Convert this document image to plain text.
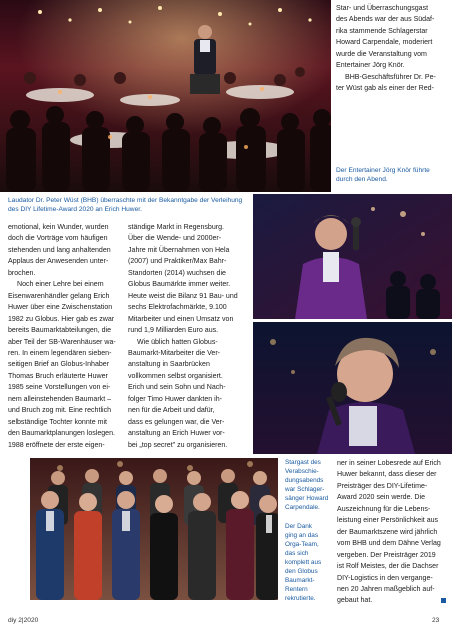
Star- und Überraschungsgast

des Abends war der aus Südaf-

rika stammende Schlagerstar

Howard Carpendale, moderiert

wurde die Veranstaltung vom

Entertainer Jörg Knör.

BHB-Geschäftsführer Dr. Pe-

ter Wüst gab als einer der Red-

Der Entertainer Jörg Knör führte durch den Abend.
Laudator Dr. Peter Wüst (BHB) überraschte mit der Bekanntgabe der Verleihung des DIY Lifetime-Award 2020 an Erich Huwer.

emotional, kein Wunder, wurden

doch die Vorträge vom häufigen

stehenden und lang anhaltenden

Applaus der Anwesenden unter-

brochen.

Noch einer Lehre bei einem

Eisenwarenhändler gelang Erich

Huwer über eine Zwischenstation

1982 zu Globus. Hier gab es zwar

bereits Baumarktabteilungen, die

aber Teil der SB-Warenhäuser wa-

ren. In einem legendären sieben-

seitigen Brief an Globus-Inhaber

Thomas Bruch erläuterte Huwer

1985 seine Vorstellungen von ei-

nem alleinstehenden Baumarkt –

und Bruch zog mit. Eine rechtlich

selbständige Tochter konnte mit

den Baumarktplanungen loslegen.

1988 eröffnete der erste eigen-

ständige Markt in Regensburg.

Über die Wende- und 2000er-

Jahre mit Übernahmen von Hela

(2007) und Praktiker/Max Bahr-

Standorten (2014) wuchsen die

Globus Baumärkte immer weiter.

Heute weist die Bilanz 91 Bau- und

sechs Elektrofachmärkte, 9.100

Mitarbeiter und einen Umsatz von

rund 1,9 Milliarden Euro aus.

Wie üblich hatten Globus-

Baumarkt-Mitarbeiter die Ver-

anstaltung in Saarbrücken

vollkommen selbst organisiert.

Erich und sein Sohn und Nach-

folger Timo Huwer dankten ih-

nen für die Arbeit und dafür,

dass es gelungen war, die Ver-

anstaltung an Erich Huwer vor-

bei „top secret" zu organisieren.

Stargast des
Verabschie-
dungsabends
war Schlager-
sänger Howard
Carpendale.
Der Dank
ging an das
Orga-Team,
das sich
komplett aus
den Globus
Baumarkt-
Rentern
rekrutierte.

ner in seiner Lobesrede auf Erich

Huwer bekannt, dass dieser der

Preisträger des DIY-Lifetime-

Award 2020 sein werde. Die

Auszeichnung für die Lebens-

leistung einer Persönlichkeit aus

der Baumarktszene wird jährlich

vom BHB und dem Dähne Verlag

vergeben. Der Preisträger 2019

ist Rolf Meistes, der die Dachser

DIY-Logistics in den vergange-

nen 20 Jahren maßgeblich auf-

gebaut hat.

diy 2|2020	23
